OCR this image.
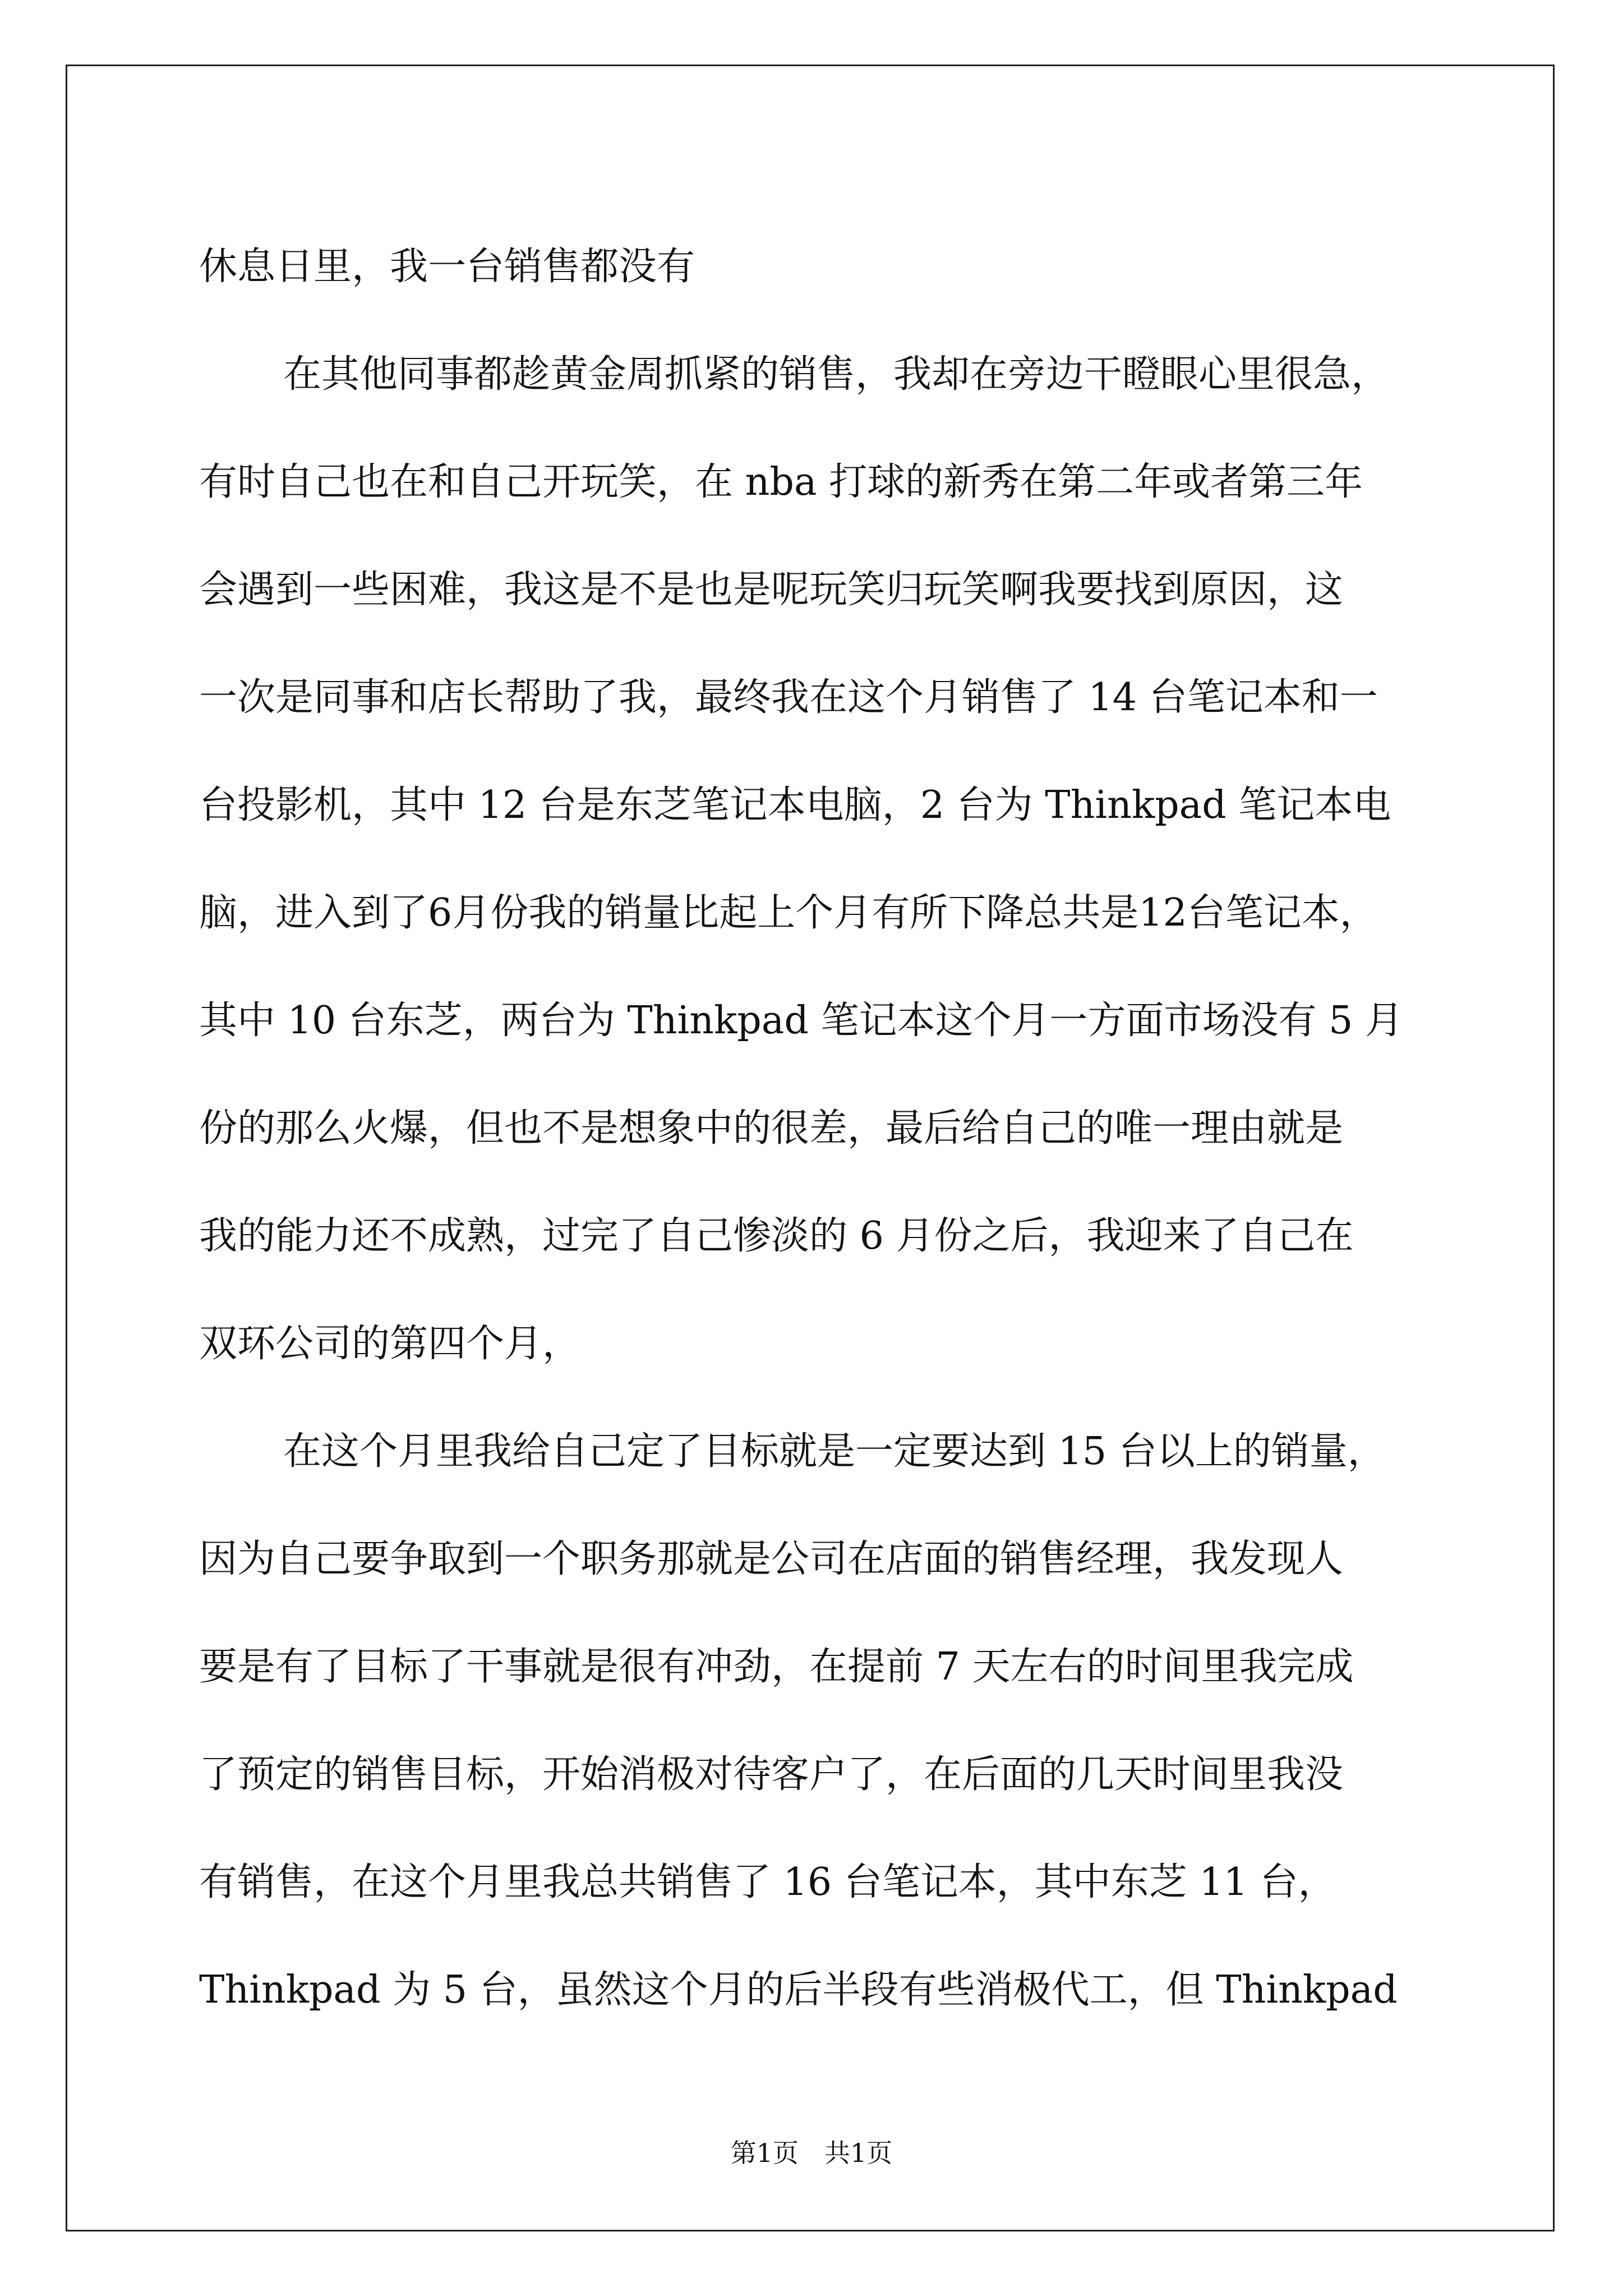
休息日里，我一台销售都没有
在其他同事都趁黄金周抓紧的销售，我却在旁边干瞪眼心里很急，
有时自己也在和自己开玩笑，在 nba 打球的新秀在第二年或者第三年
会遇到一些困难，我这是不是也是呢玩笑归玩笑啊我要找到原因，这
一次是同事和店长帮助了我，最终我在这个月销售了 14 台笔记本和一
台投影机，其中 12 台是东芝笔记本电脑，2 台为 Thinkpad 笔记本电
脑，进入到了6月份我的销量比起上个月有所下降总共是12台笔记本，
其中 10 台东芝，两台为 Thinkpad 笔记本这个月一方面市场没有 5 月
份的那么火爆，但也不是想象中的很差，最后给自己的唯一理由就是
我的能力还不成熟，过完了自己惨淡的 6 月份之后，我迎来了自己在
双环公司的第四个月，
在这个月里我给自己定了目标就是一定要达到 15 台以上的销量，
因为自己要争取到一个职务那就是公司在店面的销售经理，我发现人
要是有了目标了干事就是很有冲劲，在提前 7 天左右的时间里我完成
了预定的销售目标，开始消极对待客户了，在后面的几天时间里我没
有销售，在这个月里我总共销售了 16 台笔记本，其中东芝 11 台，
Thinkpad 为 5 台，虽然这个月的后半段有些消极代工，但 Thinkpad
第1页 共1页
